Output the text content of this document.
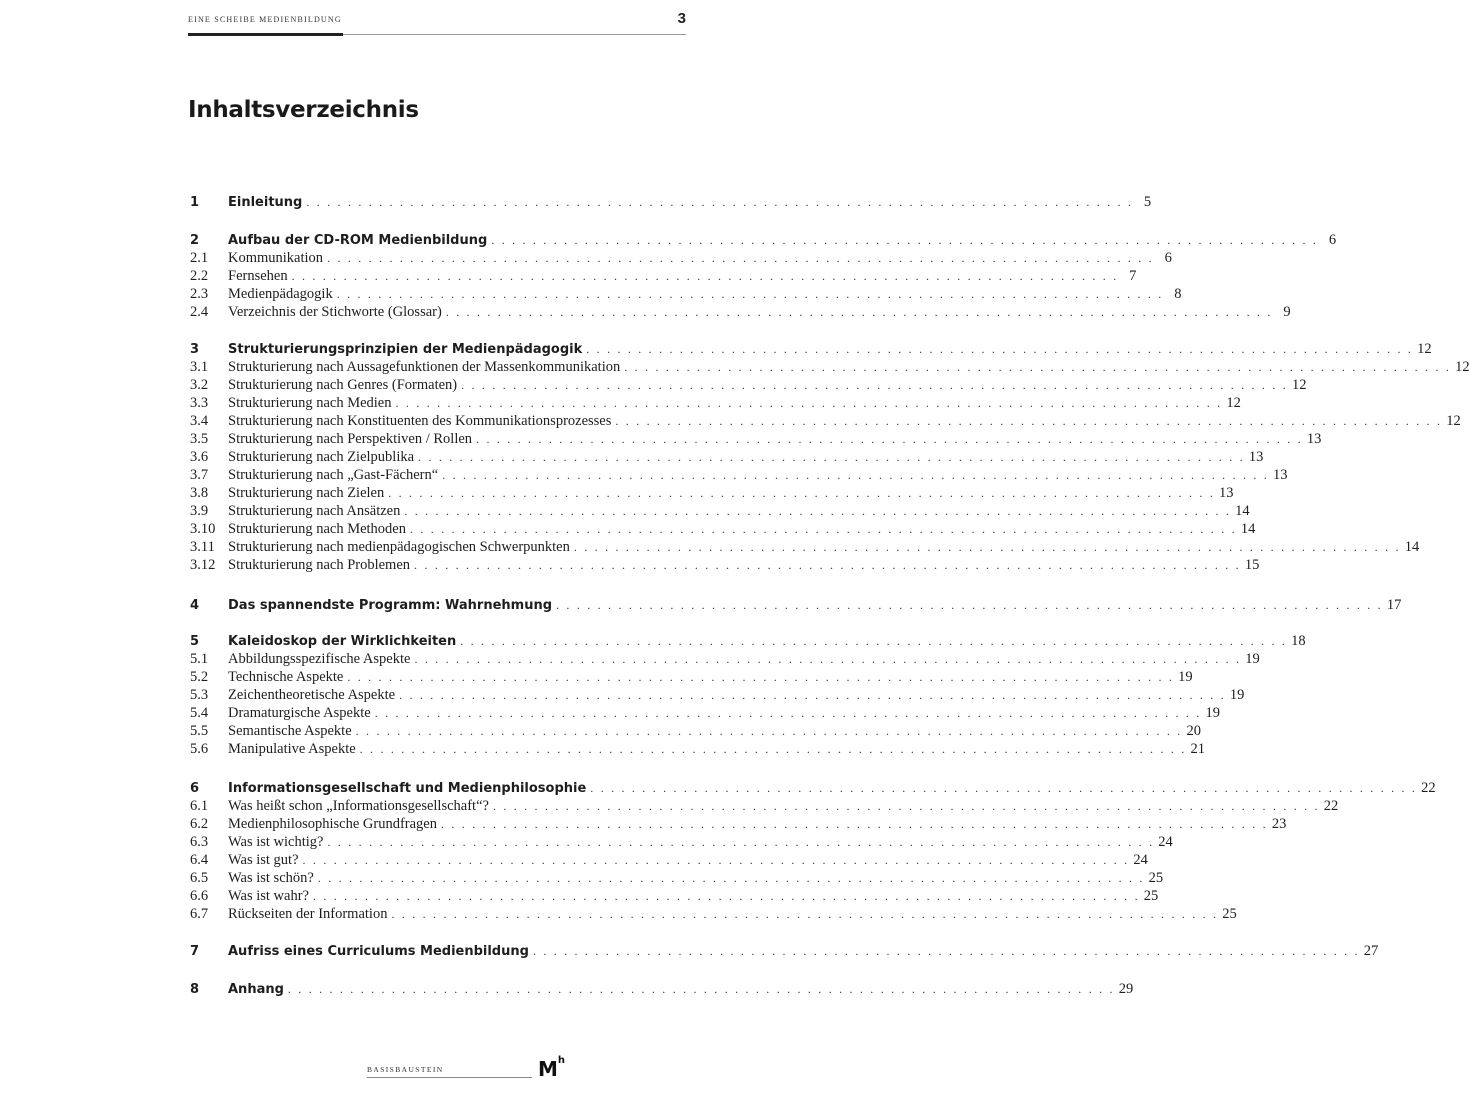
EINE SCHEIBE MEDIENBILDUNG	3
Inhaltsverzeichnis
1	Einleitung . . . . . . . . . . . . . . . . . . . . . . . . . . . . . . . . . . . . . . . . . . . . . . . . . . . . . . . . . . . . . . . . . . . . . . . . . . . . . . . . 5
2	Aufbau der CD-ROM Medienbildung . . . . . . . . . . . . . . . . . . . . . . . . . . . . . . . . . . . . . . . . . . . . . . . . . . . . . . . . . . . . . . . . . . . . . . . . . . . . . . . . 6
2.1	Kommunikation . . . . . . . . . . . . . . . . . . . . . . . . . . . . . . . . . . . . . . . . . . . . . . . . . . . . . . . . . . . . . . . . . . . . . . . . . . . . . . . . 6
2.2	Fernsehen . . . . . . . . . . . . . . . . . . . . . . . . . . . . . . . . . . . . . . . . . . . . . . . . . . . . . . . . . . . . . . . . . . . . . . . . . . . . . . . . 7
2.3	Medienpädagogik . . . . . . . . . . . . . . . . . . . . . . . . . . . . . . . . . . . . . . . . . . . . . . . . . . . . . . . . . . . . . . . . . . . . . . . . . . . . . . . . 8
2.4	Verzeichnis der Stichworte (Glossar) . . . . . . . . . . . . . . . . . . . . . . . . . . . . . . . . . . . . . . . . . . . . . . . . . . . . . . . . . . . . . . . . . . . . . . . . . . . . . . . . 9
3	Strukturierungsprinzipien der Medienpädagogik . . . . . . . . . . . . . . . . . . . . . . . . . . . . . . . . . . . . . . . . . . . . . . . . . . . . . . . . . . . . . . . . . . . . . . . . . . . . . . . . 12
3.1	Strukturierung nach Aussagefunktionen der Massenkommunikation . . . . . . . . . . . . . . . . . . . . . . . . . . . . . . . . . . . . . . . . . . . . . . . . . . . . . . . . . . . . . . . . . . . . . . . . . . . . . . . . 12
3.2	Strukturierung nach Genres (Formaten) . . . . . . . . . . . . . . . . . . . . . . . . . . . . . . . . . . . . . . . . . . . . . . . . . . . . . . . . . . . . . . . . . . . . . . . . . . . . . . . . 12
3.3	Strukturierung nach Medien . . . . . . . . . . . . . . . . . . . . . . . . . . . . . . . . . . . . . . . . . . . . . . . . . . . . . . . . . . . . . . . . . . . . . . . . . . . . . . . . 12
3.4	Strukturierung nach Konstituenten des Kommunikationsprozesses . . . . . . . . . . . . . . . . . . . . . . . . . . . . . . . . . . . . . . . . . . . . . . . . . . . . . . . . . . . . . . . . . . . . . . . . . . . . . . . . 12
3.5	Strukturierung nach Perspektiven / Rollen . . . . . . . . . . . . . . . . . . . . . . . . . . . . . . . . . . . . . . . . . . . . . . . . . . . . . . . . . . . . . . . . . . . . . . . . . . . . . . . . 13
3.6	Strukturierung nach Zielpublika . . . . . . . . . . . . . . . . . . . . . . . . . . . . . . . . . . . . . . . . . . . . . . . . . . . . . . . . . . . . . . . . . . . . . . . . . . . . . . . . 13
3.7	Strukturierung nach „Gast-Fächern“ . . . . . . . . . . . . . . . . . . . . . . . . . . . . . . . . . . . . . . . . . . . . . . . . . . . . . . . . . . . . . . . . . . . . . . . . . . . . . . . . 13
3.8	Strukturierung nach Zielen . . . . . . . . . . . . . . . . . . . . . . . . . . . . . . . . . . . . . . . . . . . . . . . . . . . . . . . . . . . . . . . . . . . . . . . . . . . . . . . . 13
3.9	Strukturierung nach Ansätzen . . . . . . . . . . . . . . . . . . . . . . . . . . . . . . . . . . . . . . . . . . . . . . . . . . . . . . . . . . . . . . . . . . . . . . . . . . . . . . . . 14
3.10 Strukturierung nach Methoden . . . . . . . . . . . . . . . . . . . . . . . . . . . . . . . . . . . . . . . . . . . . . . . . . . . . . . . . . . . . . . . . . . . . . . . . . . . . . . . . 14
3.11 Strukturierung nach medienpädagogischen Schwerpunkten . . . . . . . . . . . . . . . . . . . . . . . . . . . . . . . . . . . . . . . . . . . . . . . . . . . . . . . . . . . . . . . . . . . . . . . . . . . . . . . . 14
3.12 Strukturierung nach Problemen . . . . . . . . . . . . . . . . . . . . . . . . . . . . . . . . . . . . . . . . . . . . . . . . . . . . . . . . . . . . . . . . . . . . . . . . . . . . . . . . 15
4	Das spannendste Programm: Wahrnehmung . . . . . . . . . . . . . . . . . . . . . . . . . . . . . . . . . . . . . . . . . . . . . . . . . . . . . . . . . . . . . . . . . . . . . . . . . . . . . . . . 17
5	Kaleidoskop der Wirklichkeiten . . . . . . . . . . . . . . . . . . . . . . . . . . . . . . . . . . . . . . . . . . . . . . . . . . . . . . . . . . . . . . . . . . . . . . . . . . . . . . . . 18
5.1	Abbildungsspezifische Aspekte . . . . . . . . . . . . . . . . . . . . . . . . . . . . . . . . . . . . . . . . . . . . . . . . . . . . . . . . . . . . . . . . . . . . . . . . . . . . . . . . 19
5.2	Technische Aspekte . . . . . . . . . . . . . . . . . . . . . . . . . . . . . . . . . . . . . . . . . . . . . . . . . . . . . . . . . . . . . . . . . . . . . . . . . . . . . . . . 19
5.3	Zeichentheoretische Aspekte . . . . . . . . . . . . . . . . . . . . . . . . . . . . . . . . . . . . . . . . . . . . . . . . . . . . . . . . . . . . . . . . . . . . . . . . . . . . . . . . 19
5.4	Dramaturgische Aspekte . . . . . . . . . . . . . . . . . . . . . . . . . . . . . . . . . . . . . . . . . . . . . . . . . . . . . . . . . . . . . . . . . . . . . . . . . . . . . . . . 19
5.5	Semantische Aspekte . . . . . . . . . . . . . . . . . . . . . . . . . . . . . . . . . . . . . . . . . . . . . . . . . . . . . . . . . . . . . . . . . . . . . . . . . . . . . . . . 20
5.6	Manipulative Aspekte . . . . . . . . . . . . . . . . . . . . . . . . . . . . . . . . . . . . . . . . . . . . . . . . . . . . . . . . . . . . . . . . . . . . . . . . . . . . . . . . 21
6	Informationsgesellschaft und Medienphilosophie . . . . . . . . . . . . . . . . . . . . . . . . . . . . . . . . . . . . . . . . . . . . . . . . . . . . . . . . . . . . . . . . . . . . . . . . . . . . . . . . 22
6.1	Was heißt schon „Informationsgesellschaft“? . . . . . . . . . . . . . . . . . . . . . . . . . . . . . . . . . . . . . . . . . . . . . . . . . . . . . . . . . . . . . . . . . . . . . . . . . . . . . . . . 22
6.2	Medienphilosophische Grundfragen . . . . . . . . . . . . . . . . . . . . . . . . . . . . . . . . . . . . . . . . . . . . . . . . . . . . . . . . . . . . . . . . . . . . . . . . . . . . . . . . 23
6.3	Was ist wichtig? . . . . . . . . . . . . . . . . . . . . . . . . . . . . . . . . . . . . . . . . . . . . . . . . . . . . . . . . . . . . . . . . . . . . . . . . . . . . . . . . 24
6.4	Was ist gut? . . . . . . . . . . . . . . . . . . . . . . . . . . . . . . . . . . . . . . . . . . . . . . . . . . . . . . . . . . . . . . . . . . . . . . . . . . . . . . . . 24
6.5	Was ist schön? . . . . . . . . . . . . . . . . . . . . . . . . . . . . . . . . . . . . . . . . . . . . . . . . . . . . . . . . . . . . . . . . . . . . . . . . . . . . . . . . 25
6.6	Was ist wahr? . . . . . . . . . . . . . . . . . . . . . . . . . . . . . . . . . . . . . . . . . . . . . . . . . . . . . . . . . . . . . . . . . . . . . . . . . . . . . . . . 25
6.7	Rückseiten der Information . . . . . . . . . . . . . . . . . . . . . . . . . . . . . . . . . . . . . . . . . . . . . . . . . . . . . . . . . . . . . . . . . . . . . . . . . . . . . . . . 25
7	Aufriss eines Curriculums Medienbildung . . . . . . . . . . . . . . . . . . . . . . . . . . . . . . . . . . . . . . . . . . . . . . . . . . . . . . . . . . . . . . . . . . . . . . . . . . . . . . . . 27
8	Anhang . . . . . . . . . . . . . . . . . . . . . . . . . . . . . . . . . . . . . . . . . . . . . . . . . . . . . . . . . . . . . . . . . . . . . . . . . . . . . . . . 29
BASISBAUSTEIN	$M^h$
